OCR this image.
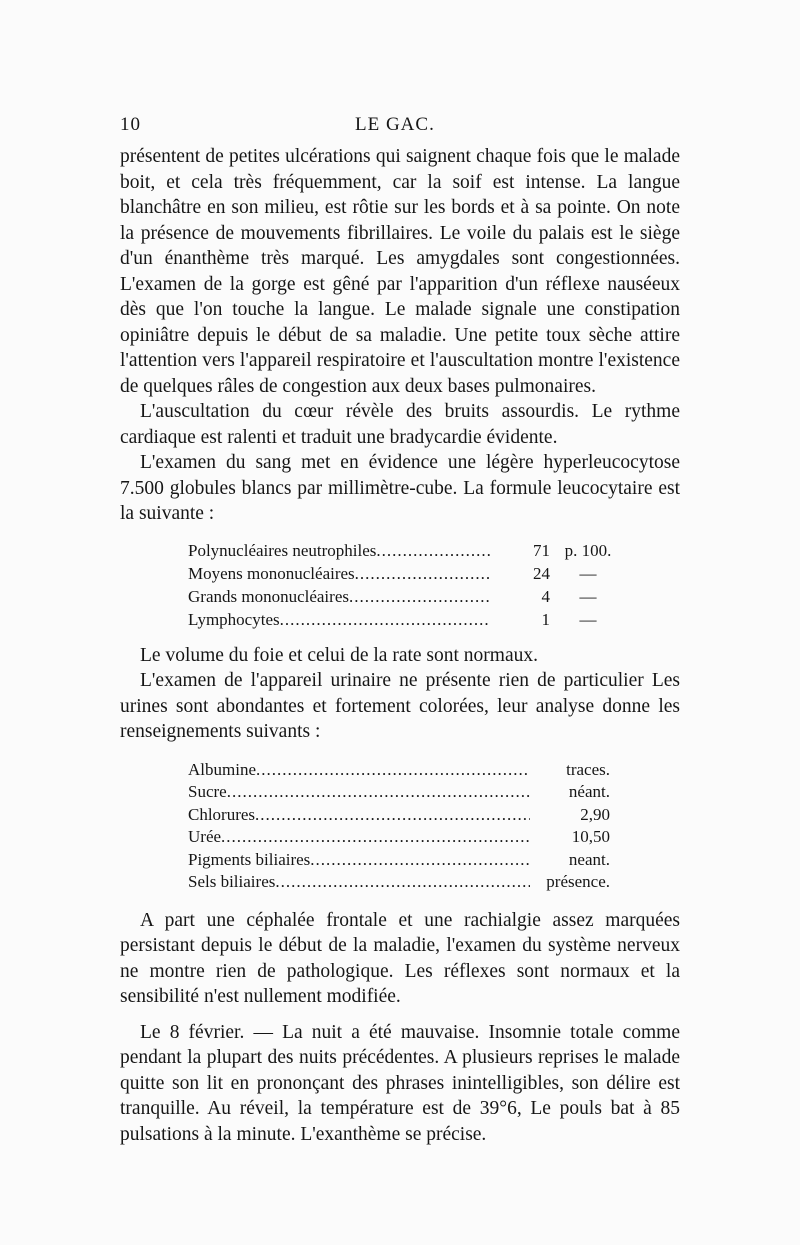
10	LE GAC.

présentent de petites ulcérations qui saignent chaque fois que le malade boit, et cela très fréquemment, car la soif est intense. La langue blanchâtre en son milieu, est rôtie sur les bords et à sa pointe. On note la présence de mouvements fibrillaires. Le voile du palais est le siège d'un énanthème très marqué. Les amygdales sont congestionnées. L'examen de la gorge est gêné par l'apparition d'un réflexe nauséeux dès que l'on touche la langue. Le malade signale une constipation opiniâtre depuis le début de sa maladie. Une petite toux sèche attire l'attention vers l'appareil respiratoire et l'auscultation montre l'existence de quelques râles de congestion aux deux bases pulmonaires.

L'auscultation du cœur révèle des bruits assourdis. Le rythme cardiaque est ralenti et traduit une bradycardie évidente.

L'examen du sang met en évidence une légère hyperleucocytose 7.500 globules blancs par millimètre-cube. La formule leucocytaire est la suivante :

Polynucléaires neutrophiles .....	71 p. 100.
Moyens mononucléaires .....	24	—
Grands mononucléaires .....	4	—
Lymphocytes .....	1	—

Le volume du foie et celui de la rate sont normaux.

L'examen de l'appareil urinaire ne présente rien de particulier Les urines sont abondantes et fortement colorées, leur analyse donne les renseignements suivants :

Albumine .....	traces.
Sucre .....	néant.
Chlorures .....	2,90
Urée .....	10,50
Pigments biliaires .....	neant.
Sels biliaires .....	présence.

A part une céphalée frontale et une rachialgie assez marquées persistant depuis le début de la maladie, l'examen du système nerveux ne montre rien de pathologique. Les réflexes sont normaux et la sensibilité n'est nullement modifiée.

Le 8 février. — La nuit a été mauvaise. Insomnie totale comme pendant la plupart des nuits précédentes. A plusieurs reprises le malade quitte son lit en prononçant des phrases inintelligibles, son délire est tranquille. Au réveil, la température est de 39°6, Le pouls bat à 85 pulsations à la minute. L'exanthème se précise.
